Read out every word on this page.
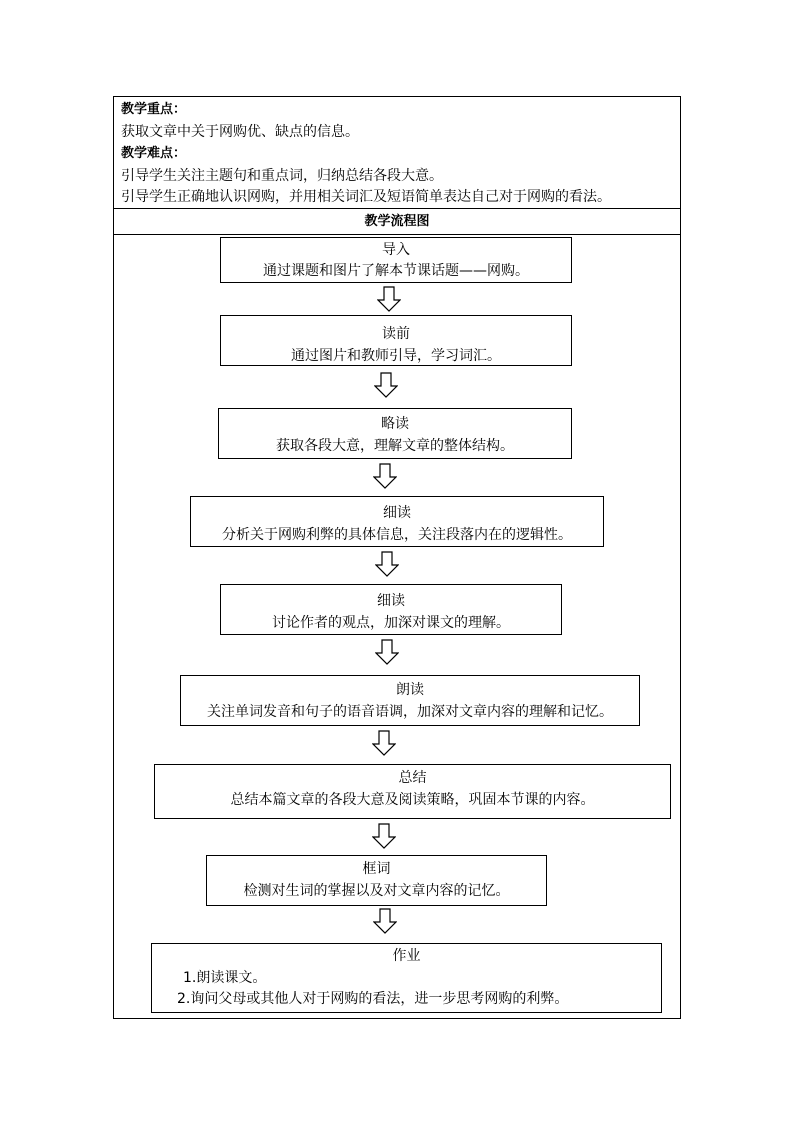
教学重点：
获取文章中关于网购优、缺点的信息。
教学难点：
引导学生关注主题句和重点词，归纳总结各段大意。
引导学生正确地认识网购，并用相关词汇及短语简单表达自己对于网购的看法。
教学流程图
导入
通过课题和图片了解本节课话题——网购。
读前
通过图片和教师引导，学习词汇。
略读
获取各段大意，理解文章的整体结构。
细读
分析关于网购利弊的具体信息，关注段落内在的逻辑性。
细读
讨论作者的观点，加深对课文的理解。
朗读
关注单词发音和句子的语音语调，加深对文章内容的理解和记忆。
总结
总结本篇文章的各段大意及阅读策略，巩固本节课的内容。
框词
检测对生词的掌握以及对文章内容的记忆。
作业
1.朗读课文。
2.询问父母或其他人对于网购的看法，进一步思考网购的利弊。
